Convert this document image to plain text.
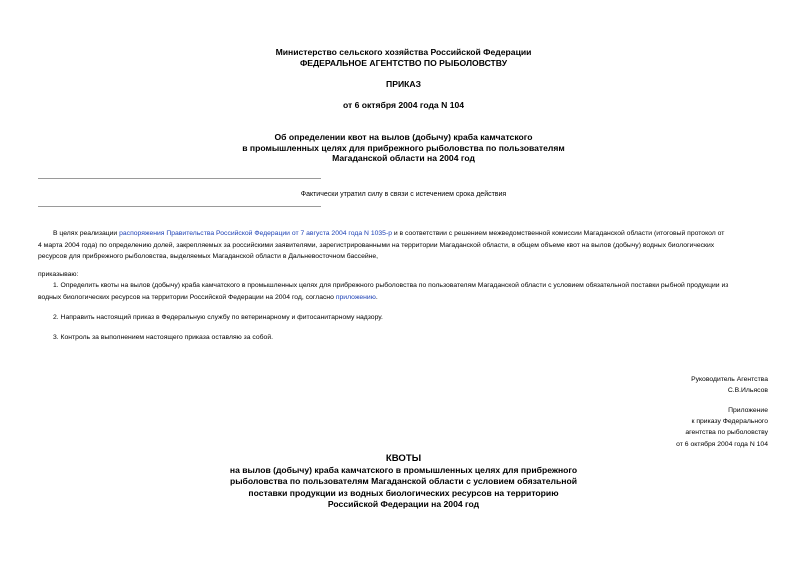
Министерство сельского хозяйства Российской Федерации
ФЕДЕРАЛЬНОЕ АГЕНТСТВО ПО РЫБОЛОВСТВУ
ПРИКАЗ
от 6 октября 2004 года N 104
Об определении квот на вылов (добычу) краба камчатского
в промышленных целях для прибрежного рыболовства по пользователям
Магаданской области на 2004 год
Фактически утратил силу в связи с истечением срока действия
В целях реализации распоряжения Правительства Российской Федерации от 7 августа 2004 года N 1035-р и в соответствии с решением межведомственной комиссии Магаданской области (итоговый протокол от
4 марта 2004 года) по определению долей, закрепляемых за российскими заявителями, зарегистрированными на территории Магаданской области, в общем объеме квот на вылов (добычу) водных биологических
ресурсов для прибрежного рыболовства, выделяемых Магаданской области в Дальневосточном бассейне,
приказываю:
1. Определить квоты на вылов (добычу) краба камчатского в промышленных целях для прибрежного рыболовства по пользователям Магаданской области с условием обязательной поставки рыбной продукции из
водных биологических ресурсов на территории Российской Федерации на 2004 год, согласно приложению.
2. Направить настоящий приказ в Федеральную службу по ветеринарному и фитосанитарному надзору.
3. Контроль за выполнением настоящего приказа оставляю за собой.
Руководитель Агентства
С.В.Ильясов
Приложение
к приказу Федерального
агентства по рыболовству
от 6 октября 2004 года N 104
КВОТЫ
на вылов (добычу) краба камчатского в промышленных целях для прибрежного
рыболовства по пользователям Магаданской области с условием обязательной
поставки продукции из водных биологических ресурсов на территорию
Российской Федерации на 2004 год
